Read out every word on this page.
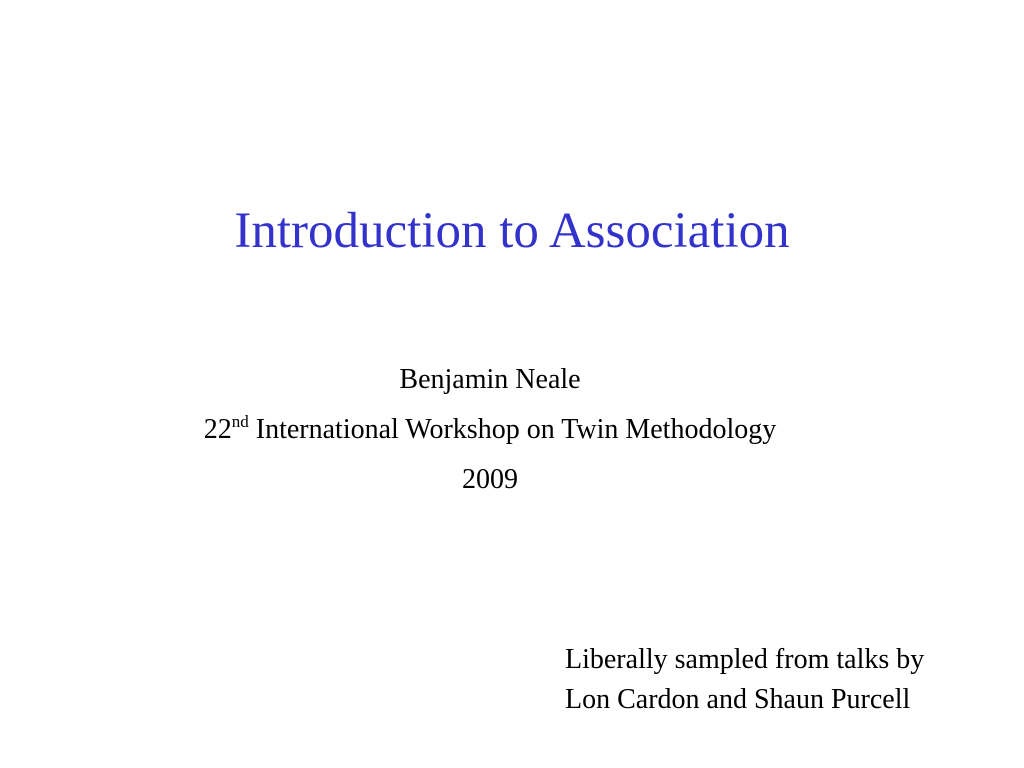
Introduction to Association
Benjamin Neale
22nd International Workshop on Twin Methodology
2009
Liberally sampled from talks by
Lon Cardon and Shaun Purcell
